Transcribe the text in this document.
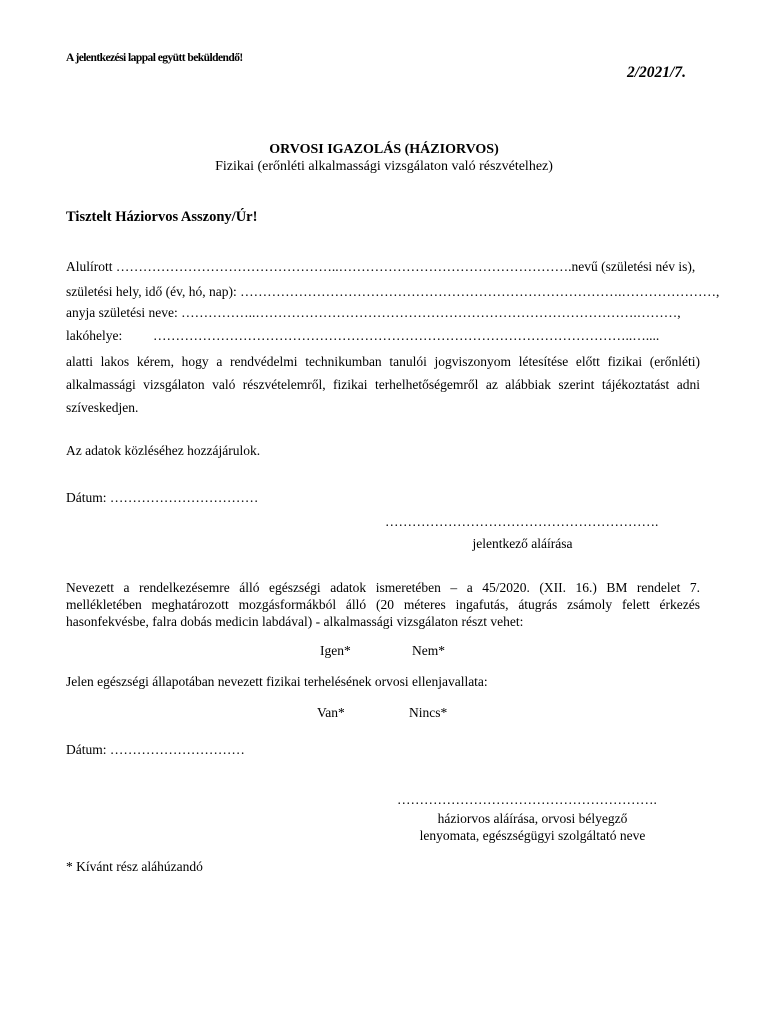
A jelentkezési lappal együtt beküldendő!

2/2021/7.

ORVOSI IGAZOLÁS (HÁZIORVOS)

Fizikai (erőnléti alkalmassági vizsgálaton való részvételhez)

Tisztelt Háziorvos Asszony/Úr!

Alulírott …………………………………………..…………………………………………….nevű (születési név is),
születési hely, idő (év, hó, nap): ………………………………………………………………………….…………………,
anyja születési neve: ……………..………………………………………………………………………….………,
lakóhelye: ……………………………………………………………………………………………..…....
alatti lakos kérem, hogy a rendvédelmi technikumban tanulói jogviszonyom létesítése előtt fizikai (erőnléti)
alkalmassági vizsgálaton való részvételemről, fizikai terhelhetőségemről az alábbiak szerint tájékoztatást adni
szíveskedjen.

Az adatok közléséhez hozzájárulok.

Dátum: ……………………………
…………………………………………………….
jelentkező aláírása
Nevezett a rendelkezésemre álló egészségi adatok ismeretében – a 45/2020. (XII. 16.) BM rendelet 7.
mellékletében meghatározott mozgásformákból álló (20 méteres ingafutás, átugrás zsámoly felett érkezés
hasonfekvésbe, falra dobás medicin labdával) - alkalmassági vizsgálaton részt vehet:
Igen*	Nem*

Jelen egészségi állapotában nevezett fizikai terhelésének orvosi ellenjavallata:

Van*	Nincs*
Dátum: …………………………
………………………………………………….
háziorvos aláírása, orvosi bélyegző
lenyomata, egészségügyi szolgáltató neve

* Kívánt rész aláhúzandó
